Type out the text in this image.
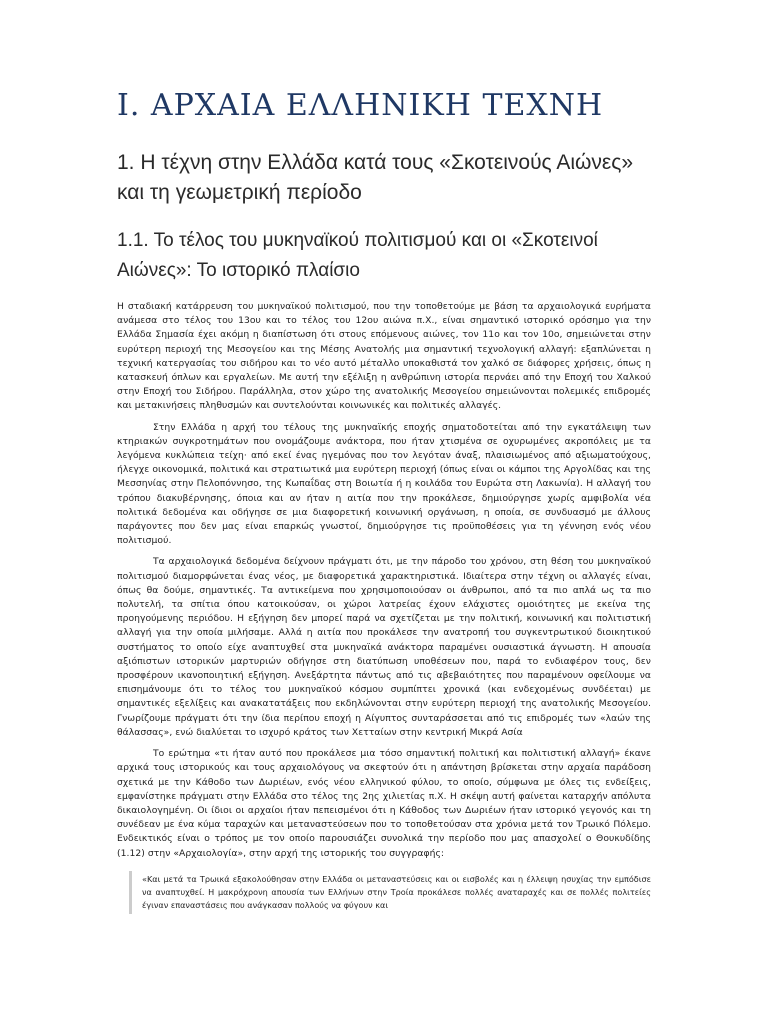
I. ΑΡΧΑΙΑ ΕΛΛΗΝΙΚΗ ΤΕΧΝΗ
1. Η τέχνη στην Ελλάδα κατά τους «Σκοτεινούς Αιώνες» και τη γεωμετρική περίοδο
1.1. Το τέλος του μυκηναϊκού πολιτισμού και οι «Σκοτεινοί Αιώνες»: Το ιστορικό πλαίσιο

Η σταδιακή κατάρρευση του μυκηναϊκού πολιτισμού, που την τοποθετούμε με βάση τα αρχαιολογικά ευρήματα ανάμεσα στο τέλος του 13ου και το τέλος του 12ου αιώνα π.Χ., είναι σημαντικό ιστορικό ορόσημο για την Ελλάδα Σημασία έχει ακόμη η διαπίστωση ότι στους επόμενους αιώνες, τον 11ο και τον 10ο, σημειώνεται στην ευρύτερη περιοχή της Μεσογείου και της Μέσης Ανατολής μια σημαντική τεχνολογική αλλαγή: εξαπλώνεται η τεχνική κατεργασίας του σιδήρου και το νέο αυτό μέταλλο υποκαθιστά τον χαλκό σε διάφορες χρήσεις, όπως η κατασκευή όπλων και εργαλείων. Με αυτή την εξέλιξη η ανθρώπινη ιστορία περνάει από την Εποχή του Χαλκού στην Εποχή του Σιδήρου. Παράλληλα, στον χώρο της ανατολικής Μεσογείου σημειώνονται πολεμικές επιδρομές και μετακινήσεις πληθυσμών και συντελούνται κοινωνικές και πολιτικές αλλαγές.

Στην Ελλάδα η αρχή του τέλους της μυκηναϊκής εποχής σηματοδοτείται από την εγκατάλειψη των κτηριακών συγκροτημάτων που ονομάζουμε ανάκτορα, που ήταν χτισμένα σε οχυρωμένες ακροπόλεις με τα λεγόμενα κυκλώπεια τείχη· από εκεί ένας ηγεμόνας που τον λεγόταν άναξ, πλαισιωμένος από αξιωματούχους, ήλεγχε οικονομικά, πολιτικά και στρατιωτικά μια ευρύτερη περιοχή (όπως είναι οι κάμποι της Αργολίδας και της Μεσσηνίας στην Πελοπόννησο, της Κωπαΐδας στη Βοιωτία ή η κοιλάδα του Ευρώτα στη Λακωνία). Η αλλαγή του τρόπου διακυβέρνησης, όποια και αν ήταν η αιτία που την προκάλεσε, δημιούργησε χωρίς αμφιβολία νέα πολιτικά δεδομένα και οδήγησε σε μια διαφορετική κοινωνική οργάνωση, η οποία, σε συνδυασμό με άλλους παράγοντες που δεν μας είναι επαρκώς γνωστοί, δημιούργησε τις προϋποθέσεις για τη γέννηση ενός νέου πολιτισμού.

Τα αρχαιολογικά δεδομένα δείχνουν πράγματι ότι, με την πάροδο του χρόνου, στη θέση του μυκηναϊκού πολιτισμού διαμορφώνεται ένας νέος, με διαφορετικά χαρακτηριστικά. Ιδιαίτερα στην τέχνη οι αλλαγές είναι, όπως θα δούμε, σημαντικές. Τα αντικείμενα που χρησιμοποιούσαν οι άνθρωποι, από τα πιο απλά ως τα πιο πολυτελή, τα σπίτια όπου κατοικούσαν, οι χώροι λατρείας έχουν ελάχιστες ομοιότητες με εκείνα της προηγούμενης περιόδου. Η εξήγηση δεν μπορεί παρά να σχετίζεται με την πολιτική, κοινωνική και πολιτιστική αλλαγή για την οποία μιλήσαμε. Αλλά η αιτία που προκάλεσε την ανατροπή του συγκεντρωτικού διοικητικού συστήματος το οποίο είχε αναπτυχθεί στα μυκηναϊκά ανάκτορα παραμένει ουσιαστικά άγνωστη. Η απουσία αξιόπιστων ιστορικών μαρτυριών οδήγησε στη διατύπωση υποθέσεων που, παρά το ενδιαφέρον τους, δεν προσφέρουν ικανοποιητική εξήγηση. Ανεξάρτητα πάντως από τις αβεβαιότητες που παραμένουν οφείλουμε να επισημάνουμε ότι το τέλος του μυκηναϊκού κόσμου συμπίπτει χρονικά (και ενδεχομένως συνδέεται) με σημαντικές εξελίξεις και ανακατατάξεις που εκδηλώνονται στην ευρύτερη περιοχή της ανατολικής Μεσογείου. Γνωρίζουμε πράγματι ότι την ίδια περίπου εποχή η Αίγυπτος συνταράσσεται από τις επιδρομές των «λαών της θάλασσας», ενώ διαλύεται το ισχυρό κράτος των Χετταίων στην κεντρική Μικρά Ασία

Το ερώτημα «τι ήταν αυτό που προκάλεσε μια τόσο σημαντική πολιτική και πολιτιστική αλλαγή» έκανε αρχικά τους ιστορικούς και τους αρχαιολόγους να σκεφτούν ότι η απάντηση βρίσκεται στην αρχαία παράδοση σχετικά με την Κάθοδο των Δωριέων, ενός νέου ελληνικού φύλου, το οποίο, σύμφωνα με όλες τις ενδείξεις, εμφανίστηκε πράγματι στην Ελλάδα στο τέλος της 2ης χιλιετίας π.Χ. Η σκέψη αυτή φαίνεται καταρχήν απόλυτα δικαιολογημένη. Οι ίδιοι οι αρχαίοι ήταν πεπεισμένοι ότι η Κάθοδος των Δωριέων ήταν ιστορικό γεγονός και τη συνέδεαν με ένα κύμα ταραχών και μεταναστεύσεων που το τοποθετούσαν στα χρόνια μετά τον Τρωικό Πόλεμο. Ενδεικτικός είναι ο τρόπος με τον οποίο παρουσιάζει συνολικά την περίοδο που μας απασχολεί ο Θουκυδίδης (1.12) στην «Αρχαιολογία», στην αρχή της ιστορικής του συγγραφής:

«Και μετά τα Τρωικά εξακολούθησαν στην Ελλάδα οι μεταναστεύσεις και οι εισβολές και η έλλειψη ησυχίας την εμπόδισε να αναπτυχθεί. Η μακρόχρονη απουσία των Ελλήνων στην Τροία προκάλεσε πολλές αναταραχές και σε πολλές πολιτείες έγιναν επαναστάσεις που ανάγκασαν πολλούς να φύγουν και
